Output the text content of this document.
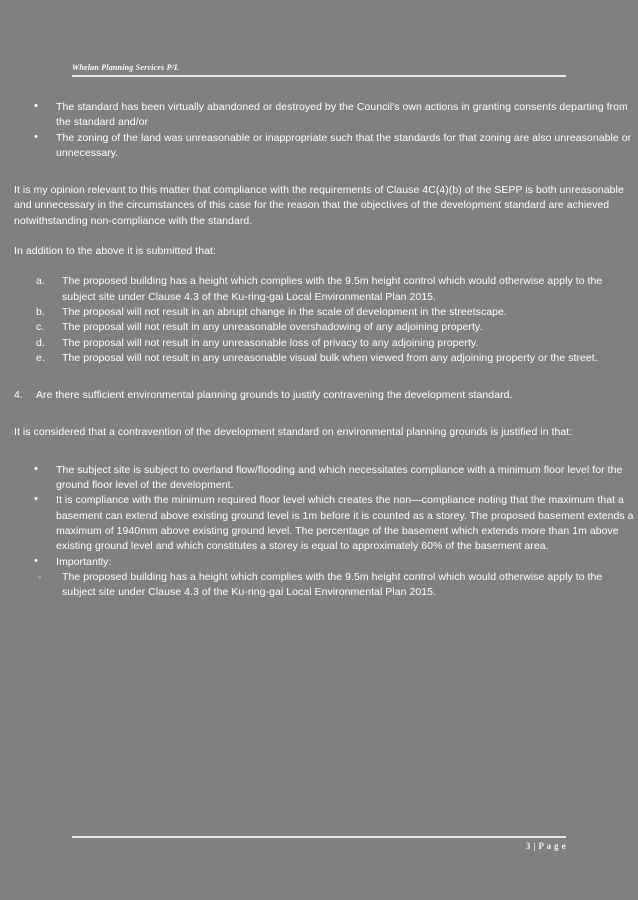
Whelan Planning Services P/L
• The standard has been virtually abandoned or destroyed by the Council's own actions in granting consents departing from the standard and/or
• The zoning of the land was unreasonable or inappropriate such that the standards for that zoning are also unreasonable or unnecessary.
It is my opinion relevant to this matter that compliance with the requirements of Clause 4C(4)(b) of the SEPP is both unreasonable and unnecessary in the circumstances of this case for the reason that the objectives of the development standard are achieved notwithstanding non-compliance with the standard.
In addition to the above it is submitted that:
The proposed building has a height which complies with the 9.5m height control which would otherwise apply to the subject site under Clause 4.3 of the Ku-ring-gai Local Environmental Plan 2015.
The proposal will not result in an abrupt change in the scale of development in the streetscape.
The proposal will not result in any unreasonable overshadowing of any adjoining property.
The proposal will not result in any unreasonable loss of privacy to any adjoining property.
The proposal will not result in any unreasonable visual bulk when viewed from any adjoining property or the street.
4. Are there sufficient environmental planning grounds to justify contravening the development standard.
It is considered that a contravention of the development standard on environmental planning grounds is justified in that:
• The subject site is subject to overland flow/flooding and which necessitates compliance with a minimum floor level for the ground floor level of the development.
• It is compliance with the minimum required floor level which creates the non—compliance noting that the maximum that a basement can extend above existing ground level is 1m before it is counted as a storey. The proposed basement extends a maximum of 1940mm above existing ground level. The percentage of the basement which extends more than 1m above existing ground level and which constitutes a storey is equal to approximately 60% of the basement area.
• Importantly:
◦ The proposed building has a height which complies with the 9.5m height control which would otherwise apply to the subject site under Clause 4.3 of the Ku-ring-gai Local Environmental Plan 2015.
3 | P a g e
